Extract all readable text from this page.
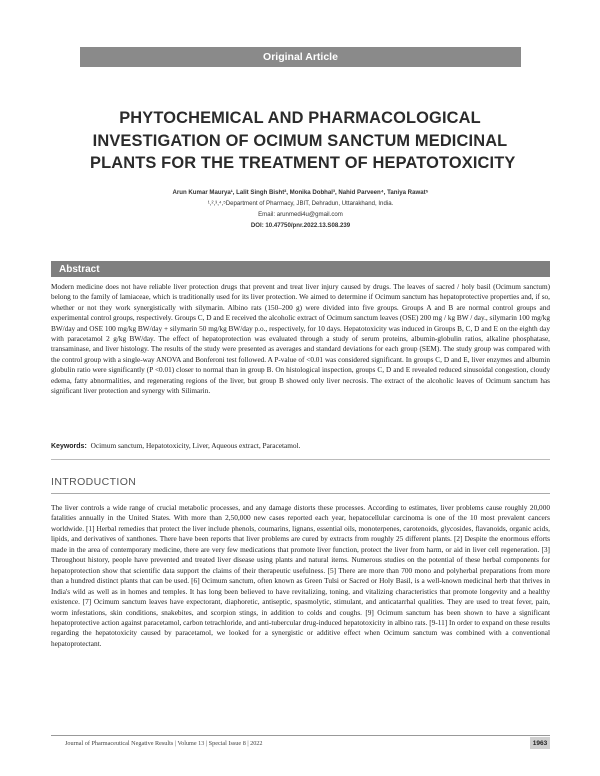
Original Article
PHYTOCHEMICAL AND PHARMACOLOGICAL
INVESTIGATION OF OCIMUM SANCTUM MEDICINAL
PLANTS FOR THE TREATMENT OF HEPATOTOXICITY
Arun Kumar Maurya¹, Lalit Singh Bisht², Monika Dobhal³, Nahid Parveen⁴, Taniya Rawat⁵
¹,²,³,⁴,⁵Department of Pharmacy, JBIT, Dehradun, Uttarakhand, India.
Email: arunmedi4u@gmail.com
DOI: 10.47750/pnr.2022.13.S08.239
Abstract
Modern medicine does not have reliable liver protection drugs that prevent and treat liver injury caused by drugs. The leaves of sacred / holy basil (Ocimum sanctum) belong to the family of lamiaceae, which is traditionally used for its liver protection. We aimed to determine if Ocimum sanctum has hepatoprotective properties and, if so, whether or not they work synergistically with silymarin. Albino rats (150–200 g) were divided into five groups. Groups A and B are normal control groups and experimental control groups, respectively. Groups C, D and E received the alcoholic extract of Ocimum sanctum leaves (OSE) 200 mg / kg BW / day., silymarin 100 mg/kg BW/day and OSE 100 mg/kg BW/day + silymarin 50 mg/kg BW/day p.o., respectively, for 10 days. Hepatotoxicity was induced in Groups B, C, D and E on the eighth day with paracetamol 2 g/kg BW/day. The effect of hepatoprotection was evaluated through a study of serum proteins, albumin-globulin ratios, alkaline phosphatase, transaminase, and liver histology. The results of the study were presented as averages and standard deviations for each group (SEM). The study group was compared with the control group with a single-way ANOVA and Bonferoni test followed. A P-value of <0.01 was considered significant. In groups C, D and E, liver enzymes and albumin globulin ratio were significantly (P <0.01) closer to normal than in group B. On histological inspection, groups C, D and E revealed reduced sinusoidal congestion, cloudy edema, fatty abnormalities, and regenerating regions of the liver, but group B showed only liver necrosis. The extract of the alcoholic leaves of Ocimum sanctum has significant liver protection and synergy with Silimarin.
Keywords: Ocimum sanctum, Hepatotoxicity, Liver, Aqueous extract, Paracetamol.
INTRODUCTION
The liver controls a wide range of crucial metabolic processes, and any damage distorts these processes. According to estimates, liver problems cause roughly 20,000 fatalities annually in the United States. With more than 2,50,000 new cases reported each year, hepatocellular carcinoma is one of the 10 most prevalent cancers worldwide. [1] Herbal remedies that protect the liver include phenols, coumarins, lignans, essential oils, monoterpenes, carotenoids, glycosides, flavanoids, organic acids, lipids, and derivatives of xanthones. There have been reports that liver problems are cured by extracts from roughly 25 different plants. [2] Despite the enormous efforts made in the area of contemporary medicine, there are very few medications that promote liver function, protect the liver from harm, or aid in liver cell regeneration. [3] Throughout history, people have prevented and treated liver disease using plants and natural items. Numerous studies on the potential of these herbal components for hepatoprotection show that scientific data support the claims of their therapeutic usefulness. [5] There are more than 700 mono and polyherbal preparations from more than a hundred distinct plants that can be used. [6] Ocimum sanctum, often known as Green Tulsi or Sacred or Holy Basil, is a well-known medicinal herb that thrives in India's wild as well as in homes and temples. It has long been believed to have revitalizing, toning, and vitalizing characteristics that promote longevity and a healthy existence. [7] Ocimum sanctum leaves have expectorant, diaphoretic, antiseptic, spasmolytic, stimulant, and anticatarrhal qualities. They are used to treat fever, pain, worm infestations, skin conditions, snakebites, and scorpion stings, in addition to colds and coughs. [9] Ocimum sanctum has been shown to have a significant hepatoprotective action against paracetamol, carbon tetrachloride, and anti-tubercular drug-induced hepatotoxicity in albino rats. [9-11] In order to expand on these results regarding the hepatotoxicity caused by paracetamol, we looked for a synergistic or additive effect when Ocimum sanctum was combined with a conventional hepatoprotectant.
Journal of Pharmaceutical Negative Results | Volume 13 | Special Issue 8 | 2022	1963
